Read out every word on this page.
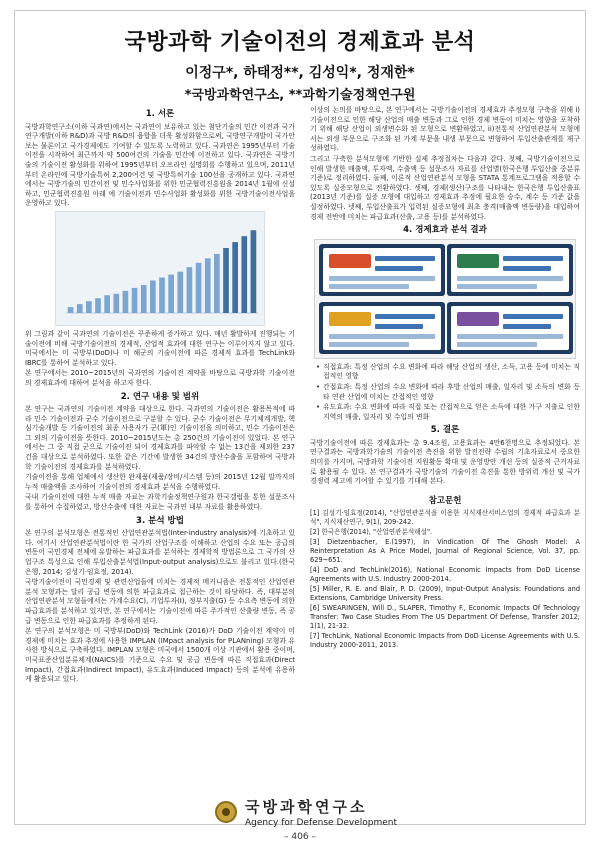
국방과학 기술이전의 경제효과 분석
이정구*, 하태정**, 김성익*, 정재한*
*국방과학연구소, **과학기술정책연구원
1. 서론

국방과학연구소(이하 국과연)에서는 국과연이 보유하고 있는 첨단기술의 민간 이전과 국가 연구개발(이하 R&D)과 국방 R&D의 융합을 더욱 활성화함으로써, 국방연구개발이 국가안보는 물론이고 국가경제에도 기여할 수 있도록 노력하고 있다. 국과연은 1995년부터 기술이전을 시작하여 최근까지 약 500여건의 기술을 민간에 이전하고 있다. 국과연은 국방기술의 기술이전 활성화를 위하여 1995년부터 오프라인 설명회를 수행하고 있으며, 2011년부터 온라인에 국방기술특허 2,200여건 및 국방특허기술 100선을 공개하고 있다. 국과연에서는 국방기술의 민간이전 및 민수사업화를 위한 민군협력진흥원을 2014년 1월에 신설하고, 민군협력진흥원 아래 에 기술이전과 민수사업화 활성화를 위한 국방기술이전사업을 운영하고 있다.

위 그림과 같이 국과연의 기술이전은 꾸준하게 증가하고 있다. 매년 활발하게 진행되는 기술이전에 비해 국방기술이전의 경제적, 산업적 효과에 대한 연구는 이루어지지 않고 있다. 미국에서는 미 국방부(DoD)나 미 해군의 기술이전에 따른 경제적 효과를 TechLink와 IBRC를 통하여 분석하고 있다.

본 연구에서는 2010~2015년의 국과연의 기술이전 계약을 바탕으로 국방과학 기술이전의 경제효과에 대하여 분석을 하고자 한다.

2. 연구 내용 및 범위

본 연구는 국과연의 기술이전 계약을 대상으로 한다. 국과연의 기술이전은 활용목적에 따라 민수 기술이전과 군수 기술이전으로 구분할 수 있다. 군수 기술이전은 무기체계개발, 핵심기술개발 등 기술이전의 최종 사용자가 군(軍)인 기술이전을 의미하고, 민수 기술이전은 그 외의 기술이전을 뜻한다. 2010~2015년도는 총 250건의 기술이전이 있었다. 본 연구에서는 그 중 직접 군으로 기술이전 되어 경제효과를 파악할 수 없는 13건을 제외한 237건을 대상으로 분석하였다. 또한 같은 기간에 발생한 34건의 방산수출을 포함하여 국방과학 기술이전의 경제효과를 분석하였다.

기술이전을 통해 업체에서 생산한 완제품(제품/장비/시스템 등)의 2015년 12월 말까지의 누적 매출액을 조사하여 기술이전의 경제효과 분석을 수행하였다.

국내 기술이전에 대한 누적 매출 자료는 과학기술정책연구원과 한국갤럽을 통한 설문조사를 통하여 수집하였고, 방산수출에 대한 자료는 국과연 내부 자료를 활용하였다.

3. 분석 방법

본 연구의 분석모형은 전통적인 산업연관분석법(Inter-industry analysis)에 기초하고 있다. 여기서 산업연관분석법이란 한 국가의 산업구조를 이해하고 산업의 수요 또는 공급의 변동이 국민경제 전체에 유발하는 파급효과를 분석하는 경제학적 방법론으로 그 국가의 산업구조 특성으로 인해 투입산출분석법(Input-output analysis)으로도 불리고 있다.(한국은행, 2014; 김성기·임효정, 2014).

국방기술이전이 국민경제 및 관련산업들에 미치는 경제적 메커니즘은 전통적인 산업연관분석 모형과는 달리 공급 변동에 의한 파급효과로 접근하는 것이 타당하다. 즉, 대부분의 산업연관분석 모형들에서는 가계수요(C), 기업투자(I), 정부지출(G) 등 수요측 변동에 의한 파급효과를 분석하고 있지만, 본 연구에서는 기술이전에 따른 주가적인 산출량 변동, 즉 공급 변동으로 인한 파급효과를 추정하게 된다.

본 연구의 분석모형은 미 국방부(DoD)와 TechLink (2016)가 DoD 기술이전 계약이 미 경제에 미치는 효과 추정에 사용한 IMPLAN (IMpact analysis for PLANning) 모형과 유사한 방식으로 구축하였다. IMPLAN 모형은 미국에서 1500개 이상 기관에서 활용 중이며, 미국표준산업분류체계(NAICS)를 기준으로 수요 및 공급 변동에 따른 직접효과(Direct Impact), 간접효과(Indirect Impact), 유도효과(Induced Impact) 등의 분석에 유용하게 활용되고 있다.

이상의 논의를 바탕으로, 본 연구에서는 국방기술이전의 경제효과 추정모형 구축을 위해 i)기술이전으로 인한 해당 산업의 매출 변동과 그로 인한 경제 변동이 미치는 영향을 포착하기 위해 해당 산업이 외생변수화 된 모형으로 변환하였고, ii)전통적 산업연관분석 모형에서는 외생 부문으로 구조화 된 가계 부문을 내생 부문으로 변형하여 투입산출관계를 재구성하였다.

그리고 구축한 분석모형에 기반한 실제 추정절차는 다음과 같다. 첫째, 국방기술이전으로 인해 발생한 매출액, 투자액, 수출액 등 설문조사 자료를 산업별(한국은행 투입산출 중분류 기준)로 정리하였다. 둘째, 이론적 산업연관분석 모형을 STATA 통계프로그램을 적용할 수 있도록 실증모형으로 전환하였다. 셋째, 경제(생산)구조를 나타내는 한국은행 투입산출표(2013년 기준)를 실증 모형에 대입하고 경제효과 추정에 필요한 승수, 계수 등 기준 값을 설정하였다. 넷째, 투입산출표가 입력된 실증모형에 최초 충격(매출액 변동량)을 대입하여 경제 전반에 미치는 파급효과(산출, 고용 등)를 분석하였다.

4. 경제효과 분석 결과
• 직접효과: 특정 산업의 수요 변화에 따라 해당 산업의 생산, 소득, 고용 등에 미치는 직접적인 영향
• 간접효과: 특정 산업의 수요 변화에 따라 후방 산업의 매출, 일자리 및 소득의 변화 등 타 연관 산업에 미치는 간접적인 영향
• 유도효과: 수요 변화에 따라 직접 또는 간접적으로 얻은 소득에 대한 가구 지출로 인한 지역의 매출, 일자리 및 수입의 변화
5. 결론

국방기술이전에 따른 경제효과는 총 9.4조원, 고용효과는 4만6천명으로 추정되었다. 본 연구결과는 국방과학기술의 기술이전 측진을 위한 발전전략 수립의 기초자료로서 중요한 의미를 가지며, 국방과학 기술이전 지원활동 확대 및 운영방안 개선 등의 실증적 근거자료로 활용될 수 있다. 본 연구결과가 국방기술의 기술이전 촉진을 통한 방위력 개선 및 국가경쟁력 제고에 기여할 수 있기를 기대해 본다.

참고문헌
[1] 김성기·임효정(2014), "산업연관분석을 이용한 지식재산서비스업의 경제적 파급효과 분석", 지식재산연구, 9(1), 209-242.
[2] 한국은행(2014), "산업연관분석해설".
[3] Dietzenbacher, E.(1997), In Vindication Of The Ghosh Model: A Reinterpretation As A Price Model, Journal of Regional Science, Vol. 37, pp. 629~651.
[4] DoD and TechLink(2016), National Economic Impacts from DoD License Agreements with U.S. Industry 2000-2014.
[5] Miller, R. E. and Blair, P. D. (2009), Input-Output Analysis: Foundations and Extensions, Cambridge University Press.
[6] SWEARINGEN, Will D., SLAPER, Timothy F., Economic Impacts Of Technology Transfer: Two Case Studies From The US Department Of Defense, Transfer 2012; 1(1), 21-32.
[7] TechLink, National Economic Impacts from DoD License Agreements with U.S. Industry 2000-2011, 2013.
국방과학연구소
Agency for Defense Development
– 406 –
